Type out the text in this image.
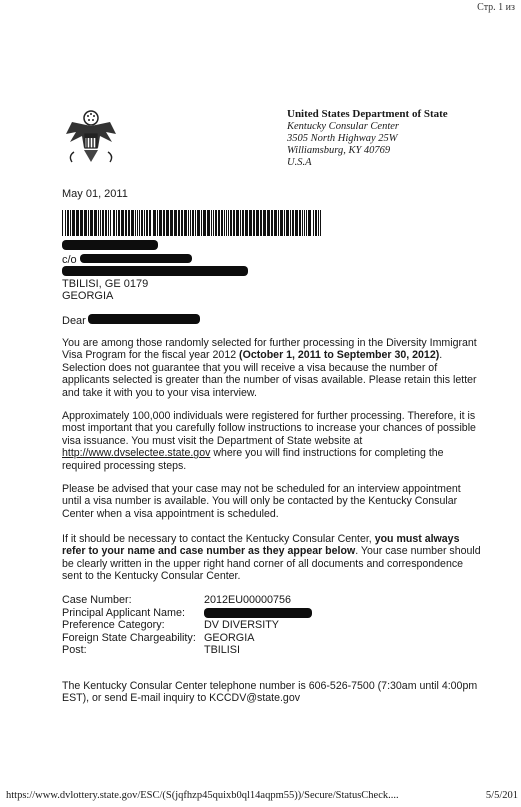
Стр. 1 из
United States Department of State
Kentucky Consular Center
3505 North Highway 25W
Williamsburg, KY 40769
U.S.A
May 01, 2011
c/o
TBILISI, GE 0179
GEORGIA
Dear
You are among those randomly selected for further processing in the Diversity Immigrant Visa Program for the fiscal year 2012 (October 1, 2011 to September 30, 2012). Selection does not guarantee that you will receive a visa because the number of applicants selected is greater than the number of visas available. Please retain this letter and take it with you to your visa interview.
Approximately 100,000 individuals were registered for further processing. Therefore, it is most important that you carefully follow instructions to increase your chances of possible visa issuance. You must visit the Department of State website at http://www.dvselectee.state.gov where you will find instructions for completing the required processing steps.
Please be advised that your case may not be scheduled for an interview appointment until a visa number is available. You will only be contacted by the Kentucky Consular Center when a visa appointment is scheduled.
If it should be necessary to contact the Kentucky Consular Center, you must always refer to your name and case number as they appear below. Your case number should be clearly written in the upper right hand corner of all documents and correspondence sent to the Kentucky Consular Center.
Case Number:	2012EU00000756
Principal Applicant Name:
Preference Category:	DV DIVERSITY
Foreign State Chargeability: GEORGIA
Post:	TBILISI
The Kentucky Consular Center telephone number is 606-526-7500 (7:30am until 4:00pm EST), or send E-mail inquiry to KCCDV@state.gov
https://www.dvlottery.state.gov/ESC/(S(jqfhzp45quixb0ql14aqpm55))/Secure/StatusCheck....	5/5/201
